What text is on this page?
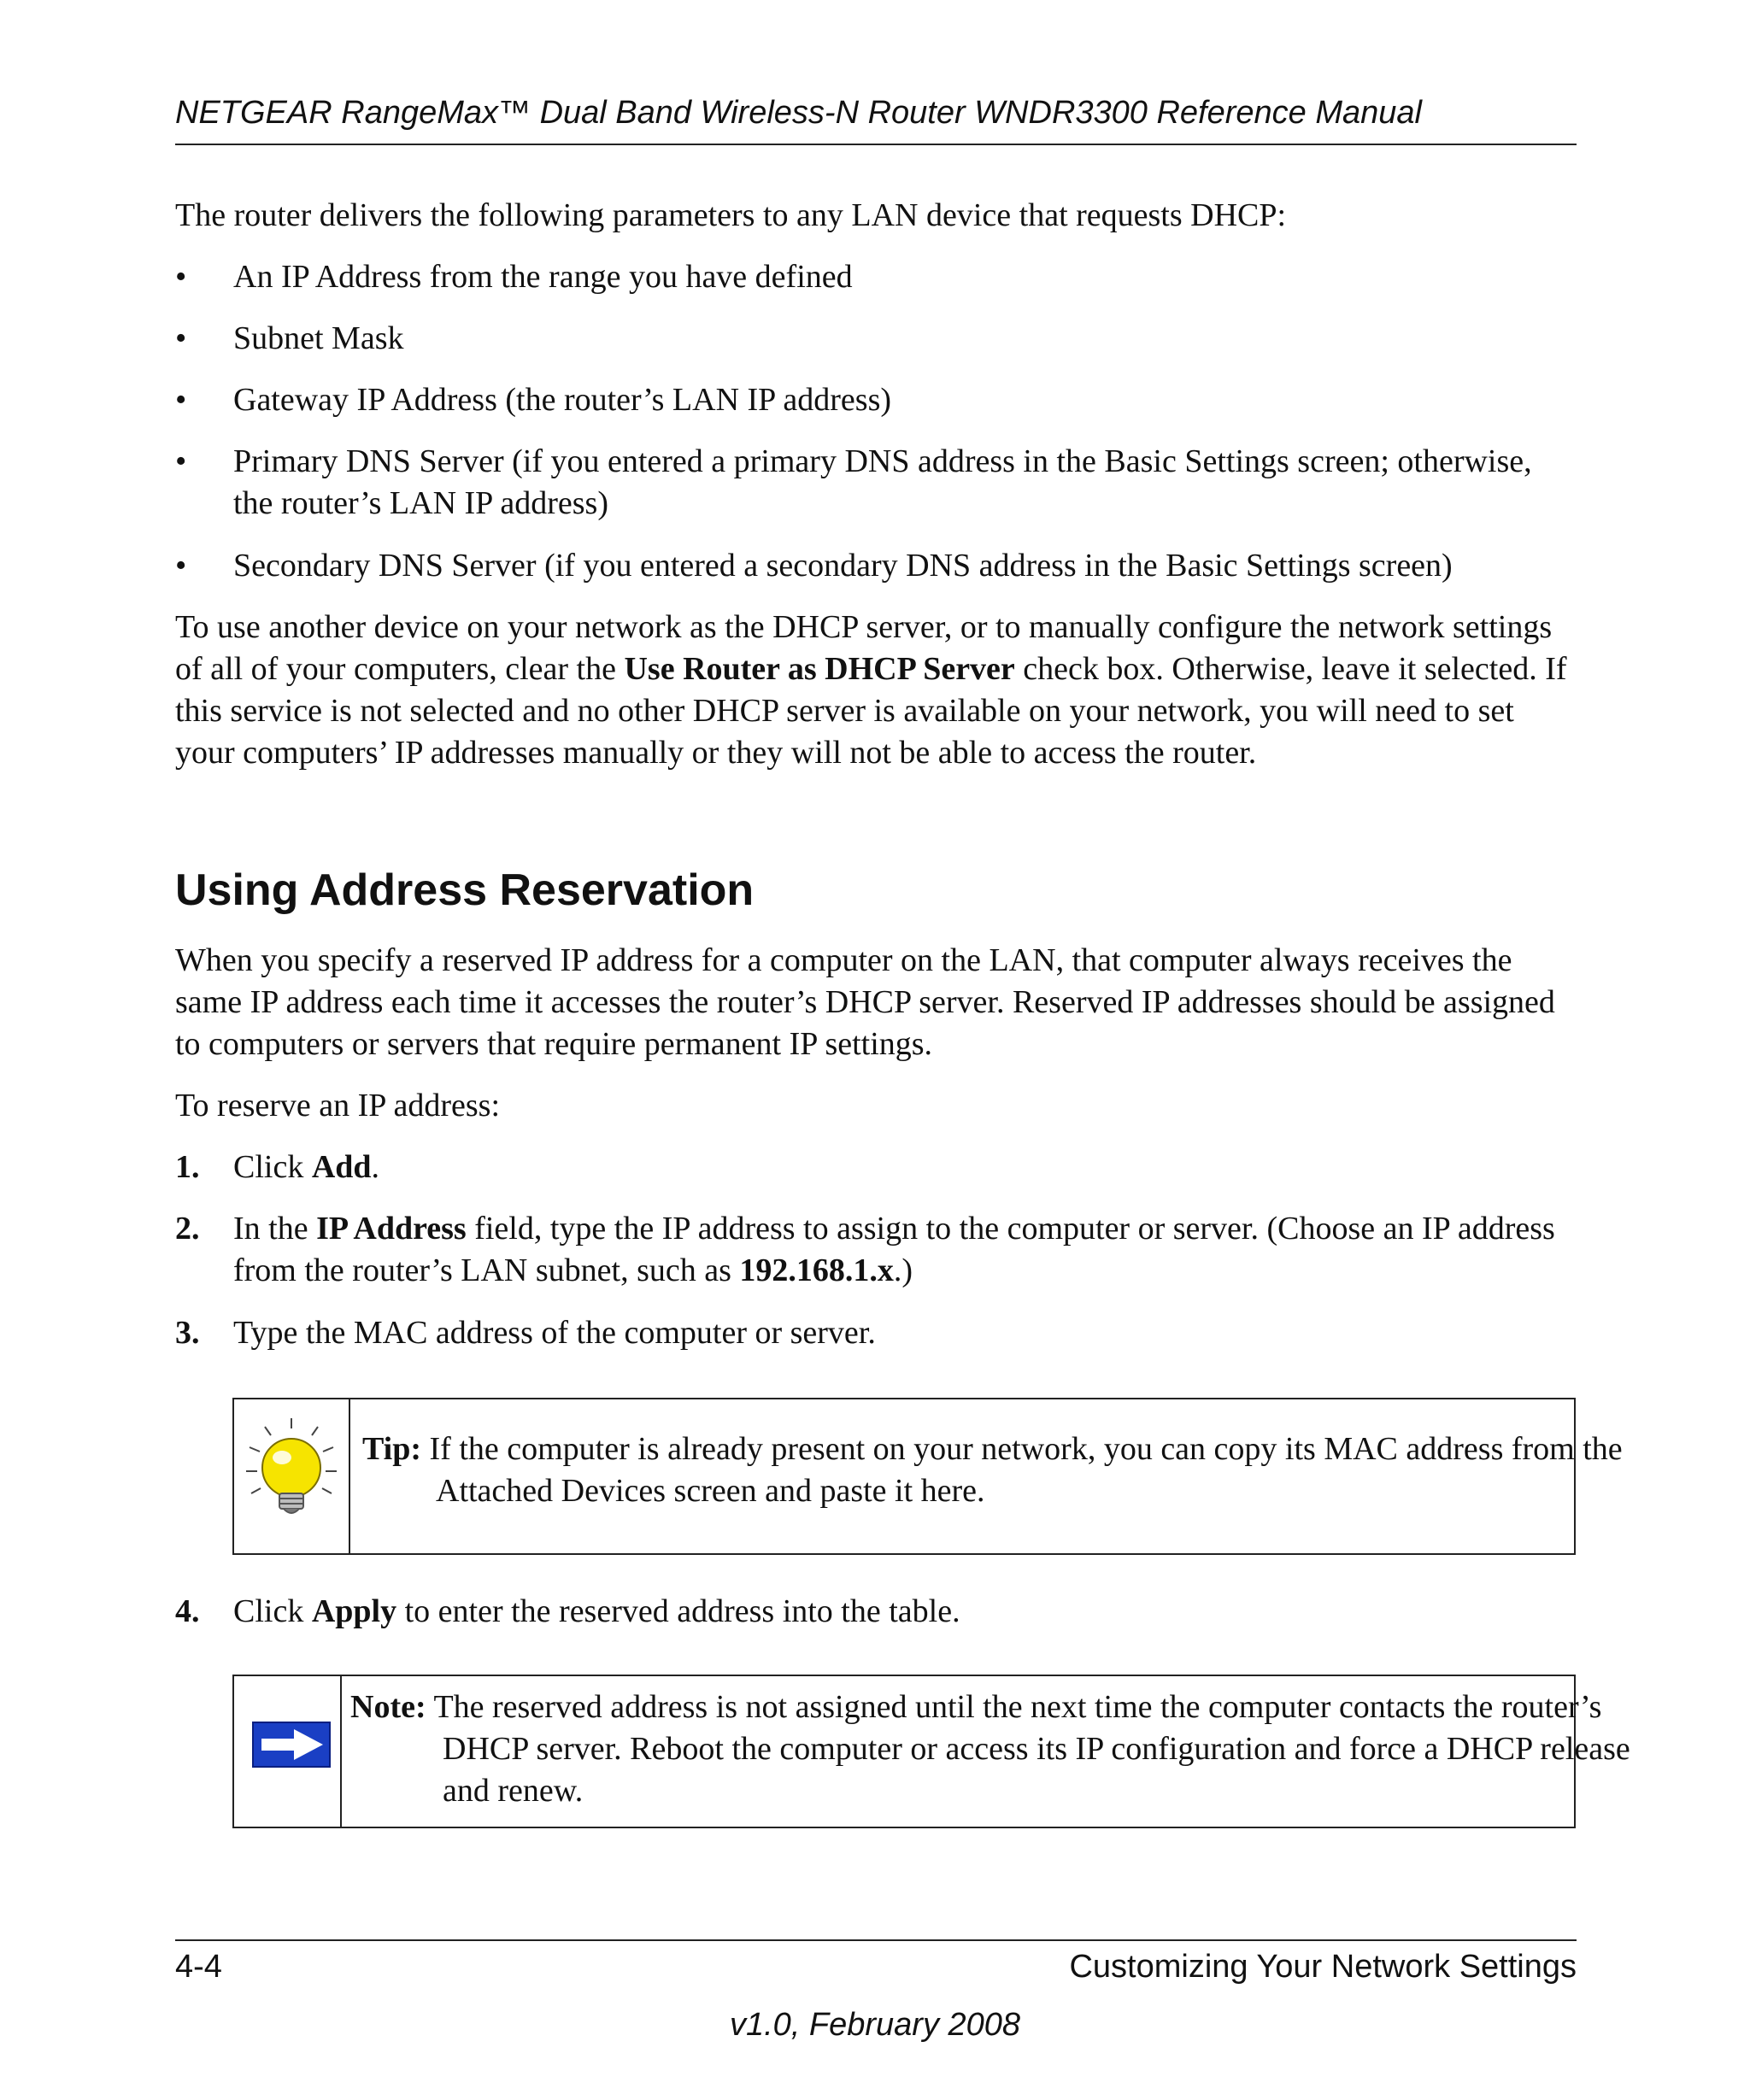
NETGEAR RangeMax™ Dual Band Wireless-N Router WNDR3300 Reference Manual

The router delivers the following parameters to any LAN device that requests DHCP:

• An IP Address from the range you have defined
• Subnet Mask
• Gateway IP Address (the router’s LAN IP address)
• Primary DNS Server (if you entered a primary DNS address in the Basic Settings screen; otherwise, the router’s LAN IP address)
• Secondary DNS Server (if you entered a secondary DNS address in the Basic Settings screen)

To use another device on your network as the DHCP server, or to manually configure the network settings of all of your computers, clear the Use Router as DHCP Server check box. Otherwise, leave it selected. If this service is not selected and no other DHCP server is available on your network, you will need to set your computers’ IP addresses manually or they will not be able to access the router.

Using Address Reservation

When you specify a reserved IP address for a computer on the LAN, that computer always receives the same IP address each time it accesses the router’s DHCP server. Reserved IP addresses should be assigned to computers or servers that require permanent IP settings.

To reserve an IP address:

1. Click Add.
2. In the IP Address field, type the IP address to assign to the computer or server. (Choose an IP address from the router’s LAN subnet, such as 192.168.1.x.)
3. Type the MAC address of the computer or server.
Tip: If the computer is already present on your network, you can copy its MAC address from the Attached Devices screen and paste it here.
4. Click Apply to enter the reserved address into the table.
Note: The reserved address is not assigned until the next time the computer contacts the router’s DHCP server. Reboot the computer or access its IP configuration and force a DHCP release and renew.
4-4	Customizing Your Network Settings
v1.0, February 2008
